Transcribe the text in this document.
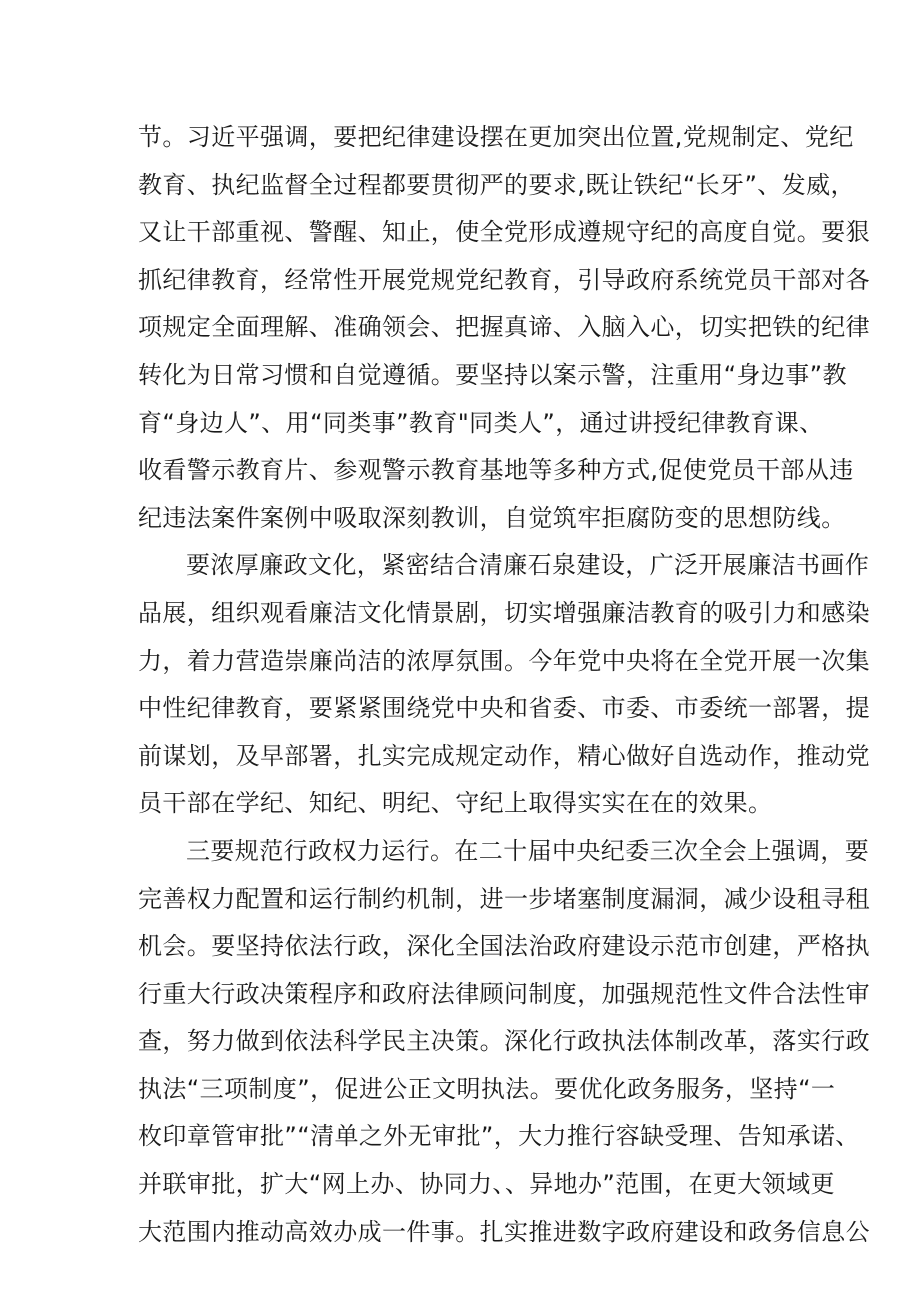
节。习近平强调，要把纪律建设摆在更加突出位置,党规制定、党纪
教育、执纪监督全过程都要贯彻严的要求,既让铁纪“长牙”、发威，
又让干部重视、警醒、知止，使全党形成遵规守纪的高度自觉。要狠
抓纪律教育，经常性开展党规党纪教育，引导政府系统党员干部对各
项规定全面理解、准确领会、把握真谛、入脑入心，切实把铁的纪律
转化为日常习惯和自觉遵循。要坚持以案示警，注重用“身边事”教
育“身边人”、用“同类事”教育"同类人”，通过讲授纪律教育课、
收看警示教育片、参观警示教育基地等多种方式,促使党员干部从违
纪违法案件案例中吸取深刻教训，自觉筑牢拒腐防变的思想防线。
要浓厚廉政文化，紧密结合清廉石泉建设，广泛开展廉洁书画作
品展，组织观看廉洁文化情景剧，切实增强廉洁教育的吸引力和感染
力，着力营造崇廉尚洁的浓厚氛围。今年党中央将在全党开展一次集
中性纪律教育，要紧紧围绕党中央和省委、市委、市委统一部署，提
前谋划，及早部署，扎实完成规定动作，精心做好自选动作，推动党
员干部在学纪、知纪、明纪、守纪上取得实实在在的效果。
三要规范行政权力运行。在二十届中央纪委三次全会上强调，要
完善权力配置和运行制约机制，进一步堵塞制度漏洞，减少设租寻租
机会。要坚持依法行政，深化全国法治政府建设示范市创建，严格执
行重大行政决策程序和政府法律顾问制度，加强规范性文件合法性审
查，努力做到依法科学民主决策。深化行政执法体制改革，落实行政
执法“三项制度”，促进公正文明执法。要优化政务服务，坚持“一
枚印章管审批”“清单之外无审批”，大力推行容缺受理、告知承诺、
并联审批，扩大“网上办、协同力、、异地办”范围，在更大领域更
大范围内推动高效办成一件事。扎实推进数字政府建设和政务信息公
